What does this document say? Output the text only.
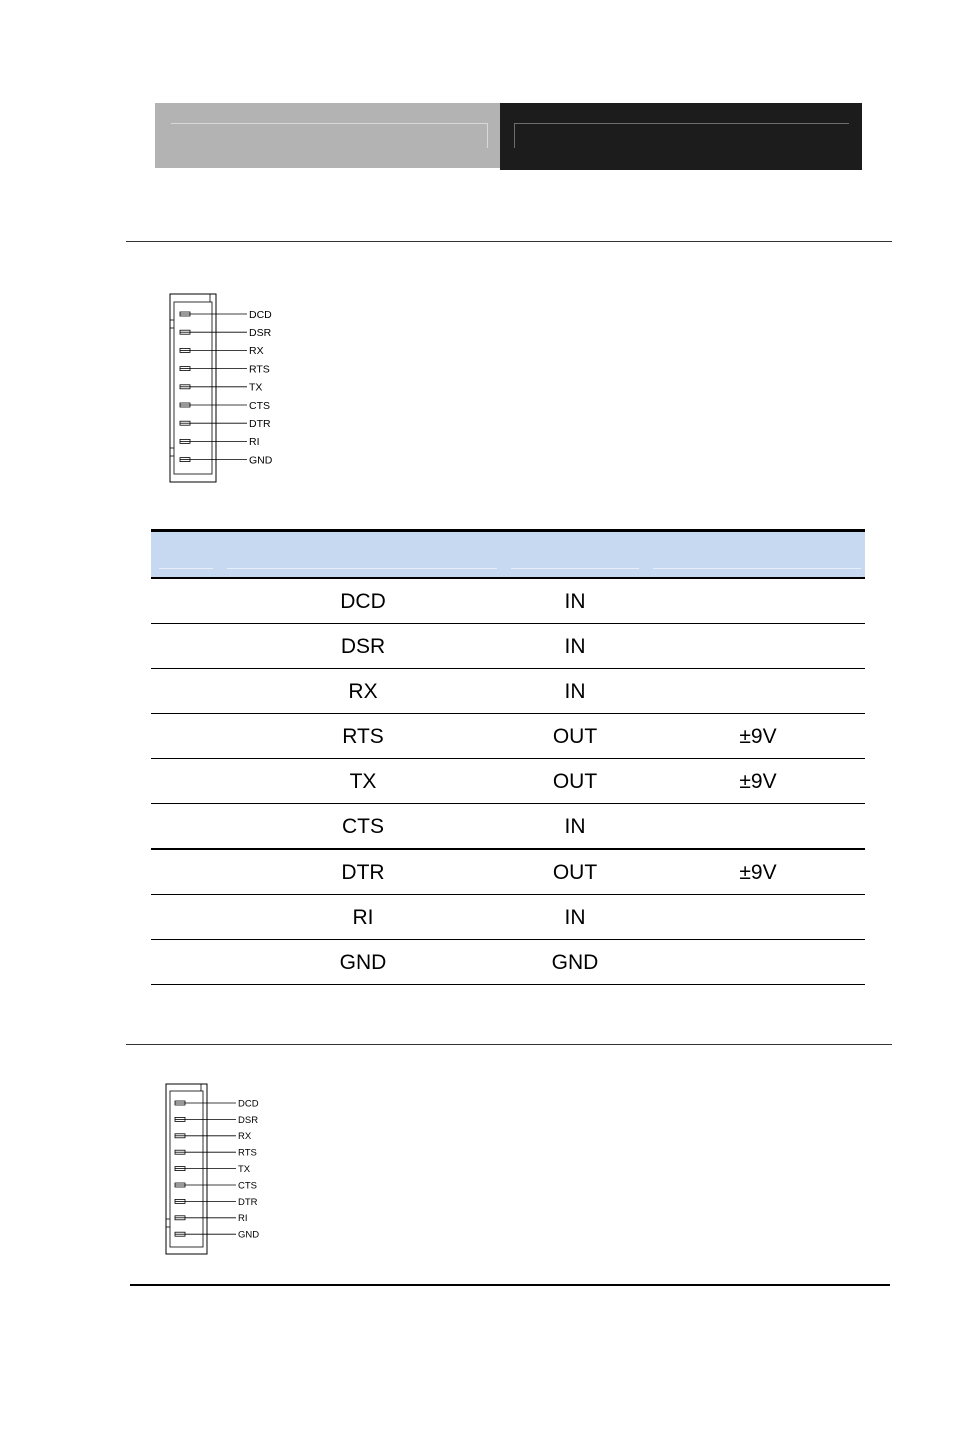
DCD
DSR
RX
RTS
TX
CTS
DTR
RI
GND
DCD	IN
DSR	IN
RX	IN
RTS	OUT	±9V
TX	OUT	±9V
CTS	IN
DTR	OUT	±9V
RI	IN
GND	GND
DCD
DSR
RX
RTS
TX
CTS
DTR
RI
GND
